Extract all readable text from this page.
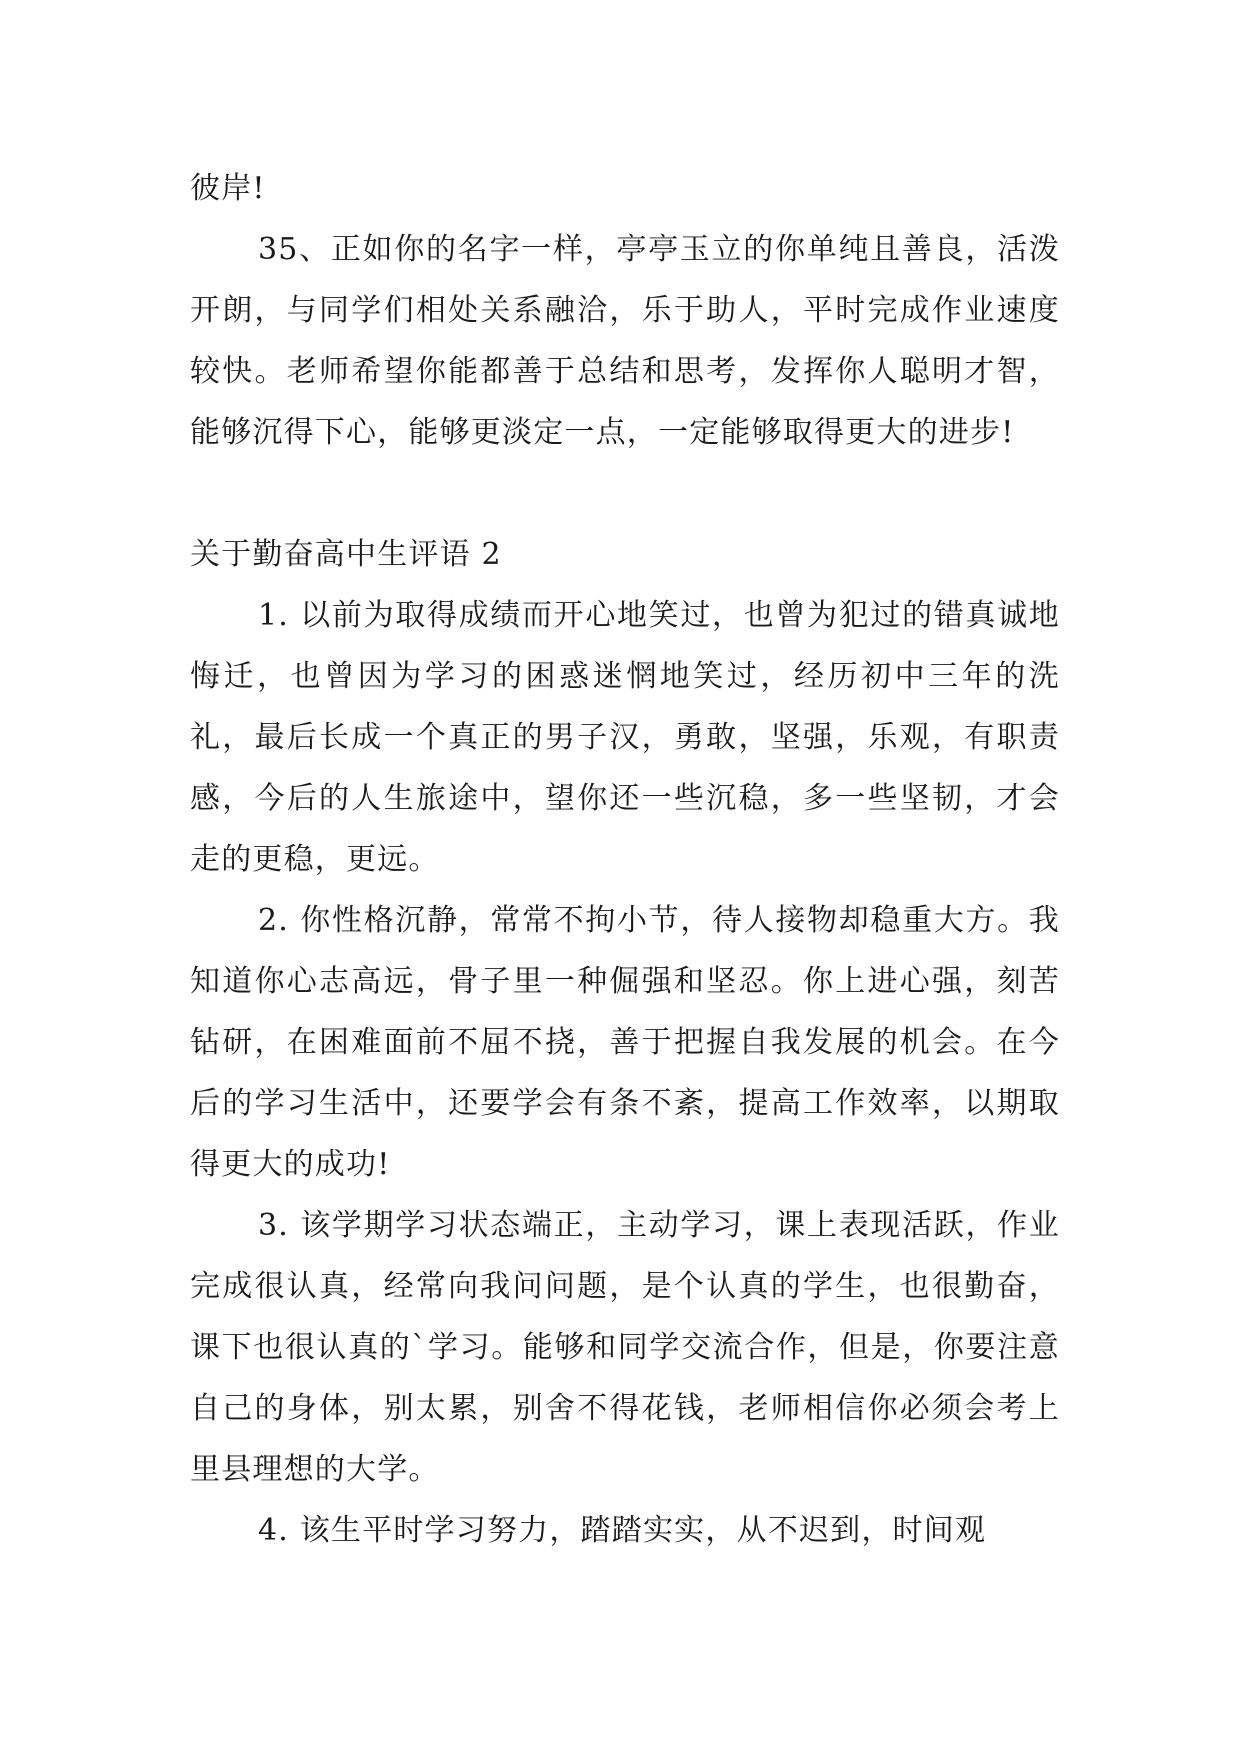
彼岸!

35、正如你的名字一样，亭亭玉立的你单纯且善良，活泼开朗，与同学们相处关系融洽，乐于助人，平时完成作业速度较快。老师希望你能都善于总结和思考，发挥你人聪明才智，能够沉得下心，能够更淡定一点，一定能够取得更大的进步!

关于勤奋高中生评语 2

1. 以前为取得成绩而开心地笑过，也曾为犯过的错真诚地悔迁，也曾因为学习的困惑迷惘地笑过，经历初中三年的洗礼，最后长成一个真正的男子汉，勇敢，坚强，乐观，有职责感，今后的人生旅途中，望你还一些沉稳，多一些坚韧，才会走的更稳，更远。

2. 你性格沉静，常常不拘小节，待人接物却稳重大方。我知道你心志高远，骨子里一种倔强和坚忍。你上进心强，刻苦钻研，在困难面前不屈不挠，善于把握自我发展的机会。在今后的学习生活中，还要学会有条不紊，提高工作效率，以期取得更大的成功!

3. 该学期学习状态端正，主动学习，课上表现活跃，作业完成很认真，经常向我问问题，是个认真的学生，也很勤奋，课下也很认真的`学习。能够和同学交流合作，但是，你要注意自己的身体，别太累，别舍不得花钱，老师相信你必须会考上里县理想的大学。

4. 该生平时学习努力，踏踏实实，从不迟到，时间观
